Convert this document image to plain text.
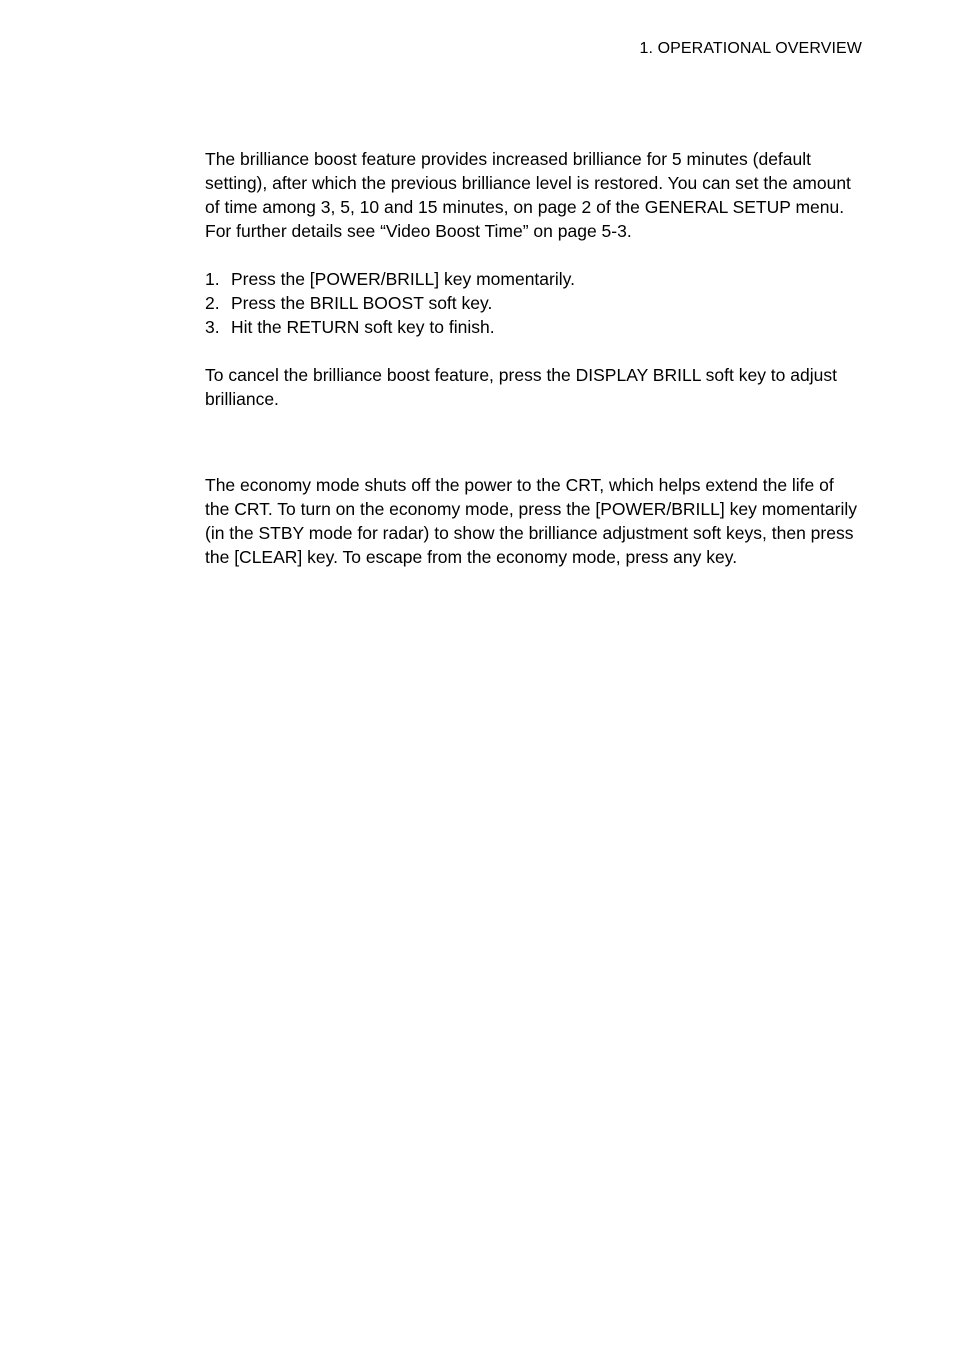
1. OPERATIONAL OVERVIEW

The brilliance boost feature provides increased brilliance for 5 minutes (default setting), after which the previous brilliance level is restored. You can set the amount of time among 3, 5, 10 and 15 minutes, on page 2 of the GENERAL SETUP menu. For further details see “Video Boost Time” on page 5-3.

1. Press the [POWER/BRILL] key momentarily.
2. Press the BRILL BOOST soft key.
3. Hit the RETURN soft key to finish.

To cancel the brilliance boost feature, press the DISPLAY BRILL soft key to adjust brilliance.

The economy mode shuts off the power to the CRT, which helps extend the life of the CRT. To turn on the economy mode, press the [POWER/BRILL] key momentarily (in the STBY mode for radar) to show the brilliance adjustment soft keys, then press the [CLEAR] key. To escape from the economy mode, press any key.
